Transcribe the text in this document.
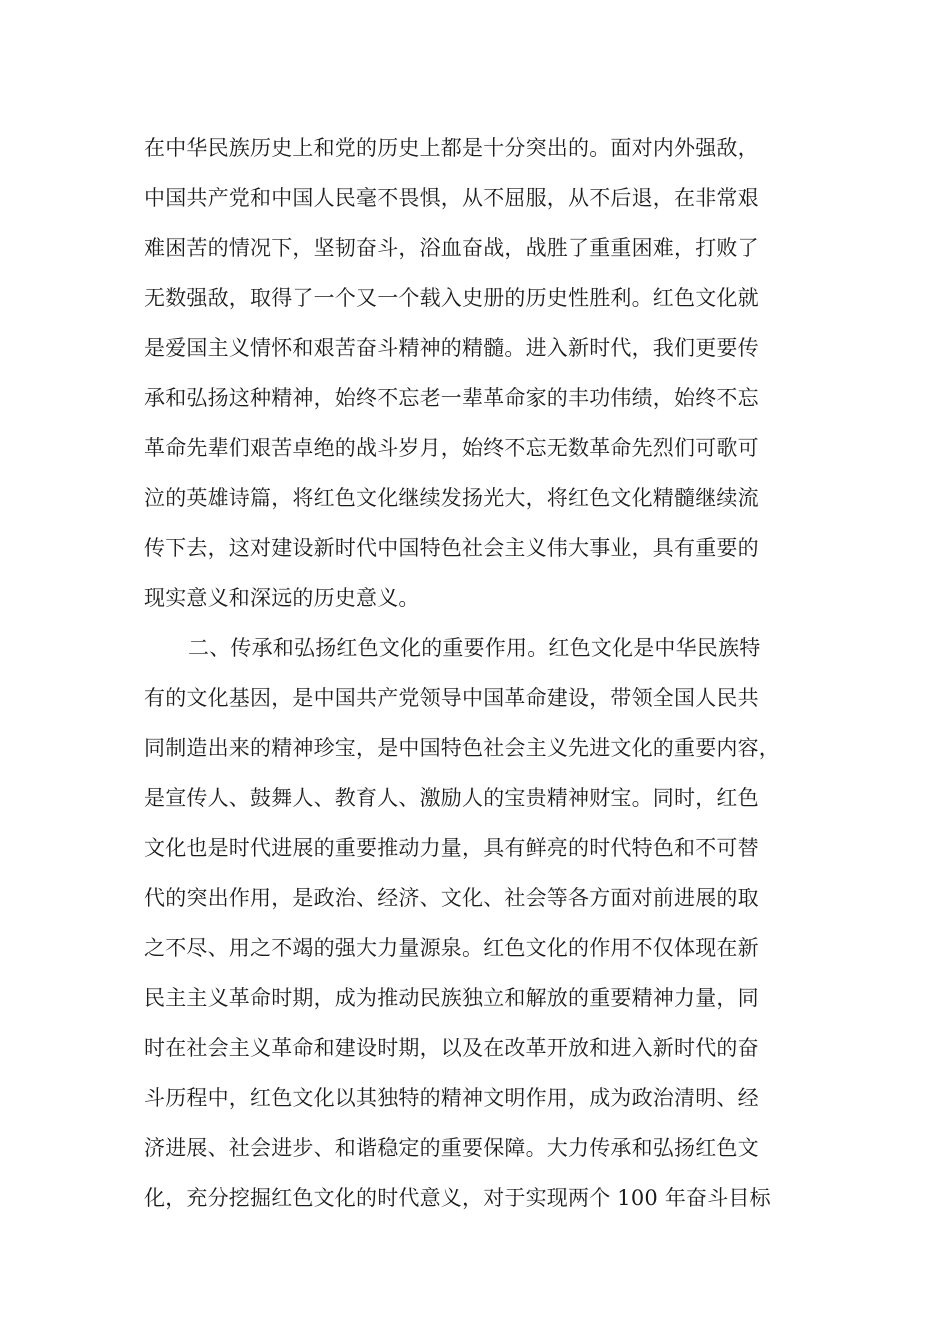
在中华民族历史上和党的历史上都是十分突出的。面对内外强敌，
中国共产党和中国人民毫不畏惧，从不屈服，从不后退，在非常艰
难困苦的情况下，坚韧奋斗，浴血奋战，战胜了重重困难，打败了
无数强敌，取得了一个又一个载入史册的历史性胜利。红色文化就
是爱国主义情怀和艰苦奋斗精神的精髓。进入新时代，我们更要传
承和弘扬这种精神，始终不忘老一辈革命家的丰功伟绩，始终不忘
革命先辈们艰苦卓绝的战斗岁月，始终不忘无数革命先烈们可歌可
泣的英雄诗篇，将红色文化继续发扬光大，将红色文化精髓继续流
传下去，这对建设新时代中国特色社会主义伟大事业，具有重要的
现实意义和深远的历史意义。
二、传承和弘扬红色文化的重要作用。红色文化是中华民族特
有的文化基因，是中国共产党领导中国革命建设，带领全国人民共
同制造出来的精神珍宝，是中国特色社会主义先进文化的重要内容，
是宣传人、鼓舞人、教育人、激励人的宝贵精神财宝。同时，红色
文化也是时代进展的重要推动力量，具有鲜亮的时代特色和不可替
代的突出作用，是政治、经济、文化、社会等各方面对前进展的取
之不尽、用之不竭的强大力量源泉。红色文化的作用不仅体现在新
民主主义革命时期，成为推动民族独立和解放的重要精神力量，同
时在社会主义革命和建设时期，以及在改革开放和进入新时代的奋
斗历程中，红色文化以其独特的精神文明作用，成为政治清明、经
济进展、社会进步、和谐稳定的重要保障。大力传承和弘扬红色文
化，充分挖掘红色文化的时代意义，对于实现两个 100 年奋斗目标
